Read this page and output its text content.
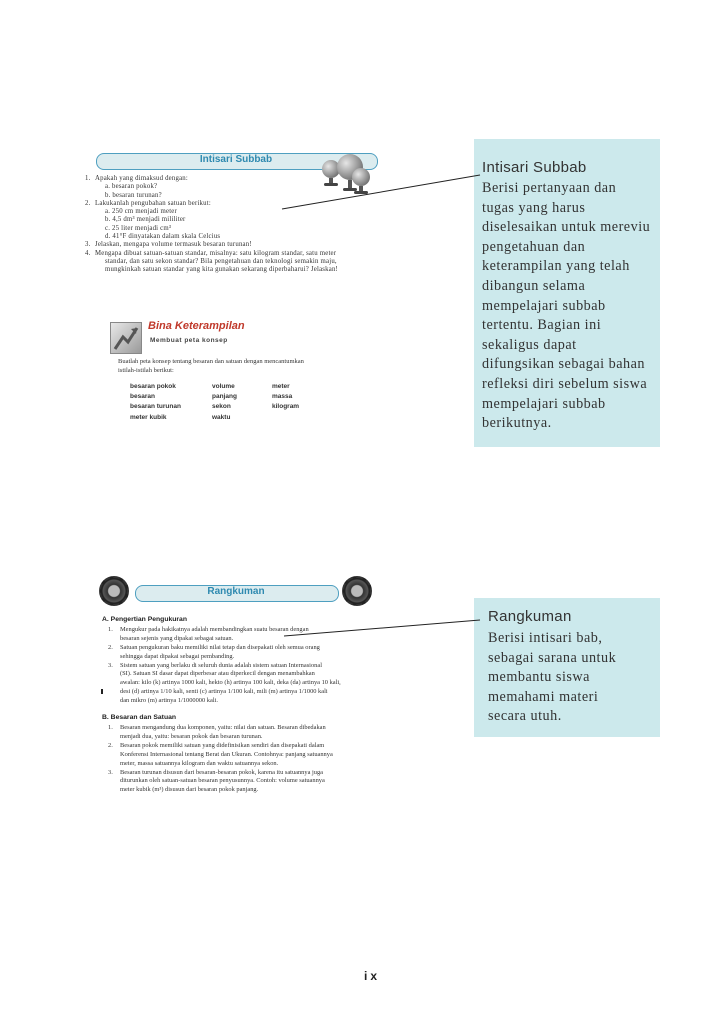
Intisari Subbab
1. Apakah yang dimaksud dengan:
a. besaran pokok?
b. besaran turunan?
2. Lakukanlah pengubahan satuan berikut:
a. 250 cm menjadi meter
b. 4,5 dm³ menjadi mililiter
c. 25 liter menjadi cm³
d. 41°F dinyatakan dalam skala Celcius
3. Jelaskan, mengapa volume termasuk besaran turunan!
4. Mengapa dibuat satuan-satuan standar, misalnya: satu kilogram standar, satu meter
standar, dan satu sekon standar? Bila pengetahuan dan teknologi semakin maju,
mungkinkah satuan standar yang kita gunakan sekarang diperbaharui? Jelaskan!
Bina Keterampilan
Membuat peta konsep
Buatlah peta konsep tentang besaran dan satuan dengan mencantumkan
istilah-istilah berikut:
besaran pokok	volume	meter
besaran	panjang	massa
besaran turunan	sekon	kilogram
meter kubik	waktu
Intisari Subbab
Berisi pertanyaan dan
tugas yang harus
diselesaikan untuk mereviu
pengetahuan dan
keterampilan yang telah
dibangun selama
mempelajari subbab
tertentu. Bagian ini
sekaligus dapat
difungsikan sebagai bahan
refleksi diri sebelum siswa
mempelajari subbab
berikutnya.
Rangkuman
A. Pengertian Pengukuran
1.	Mengukur pada hakikatnya adalah membandingkan suatu besaran dengan
besaran sejenis yang dipakai sebagai satuan.
2.	Satuan pengukuran baku memiliki nilai tetap dan disepakati oleh semua orang
sehingga dapat dipakai sebagai pembanding.
3.	Sistem satuan yang berlaku di seluruh dunia adalah sistem satuan Internasional
(SI). Satuan SI dasar dapat diperbesar atau diperkecil dengan menambahkan
awalan: kilo (k) artinya 1000 kali, hekto (h) artinya 100 kali, deka (da) artinya 10 kali,
desi (d) artinya 1/10 kali, senti (c) artinya 1/100 kali, mili (m) artinya 1/1000 kali
dan mikro (m) artinya 1/1000000 kali.
B. Besaran dan Satuan
1.	Besaran mengandung dua komponen, yaitu: nilai dan satuan. Besaran dibedakan
menjadi dua, yaitu: besaran pokok dan besaran turunan.
2.	Besaran pokok memiliki satuan yang didefinisikan sendiri dan disepakati dalam
Konferensi Internasional tentang Berat dan Ukuran. Contohnya: panjang satuannya
meter, massa satuannya kilogram dan waktu satuannya sekon.
3.	Besaran turunan disusun dari besaran-besaran pokok, karena itu satuannya juga
diturunkan oleh satuan-satuan besaran penyusunnya. Contoh: volume satuannya
meter kubik (m³) disusun dari besaran pokok panjang.
Rangkuman
Berisi intisari bab,
sebagai sarana untuk
membantu siswa
memahami materi
secara utuh.
ix
